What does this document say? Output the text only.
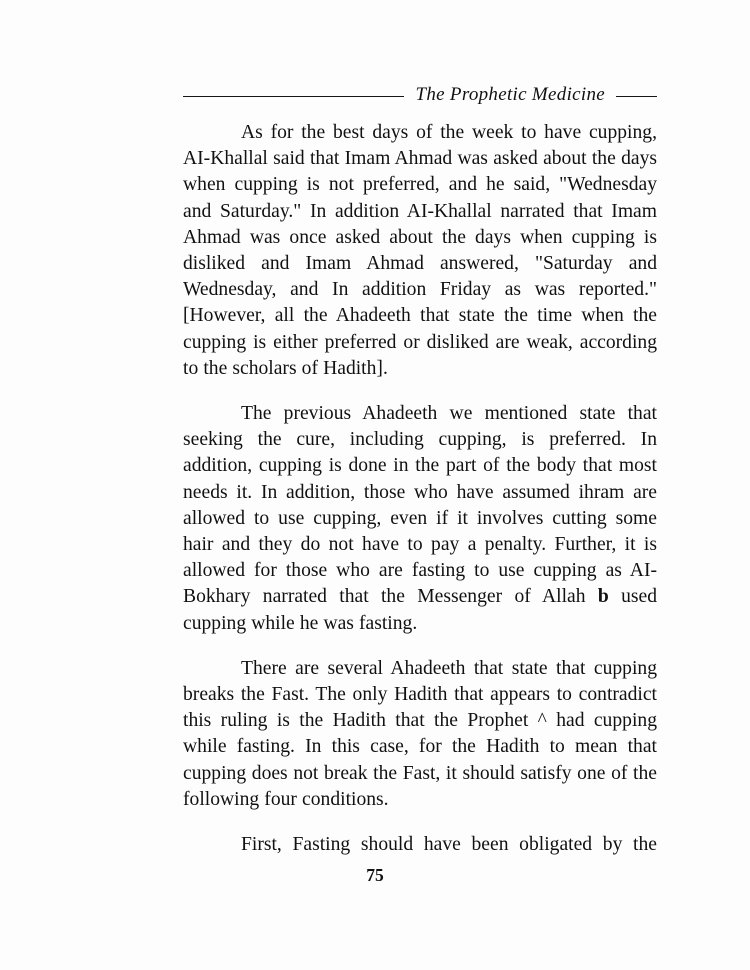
The Prophetic Medicine

As for the best days of the week to have cupping, AI-Khallal said that Imam Ahmad was asked about the days when cupping is not preferred, and he said, "Wednesday and Saturday." In addition AI-Khallal narrated that Imam Ahmad was once asked about the days when cupping is disliked and Imam Ahmad answered, "Saturday and Wednesday, and In addition Friday as was reported." [However, all the Ahadeeth that state the time when the cupping is either preferred or disliked are weak, according to the scholars of Hadith].

The previous Ahadeeth we mentioned state that seeking the cure, including cupping, is preferred. In addition, cupping is done in the part of the body that most needs it. In addition, those who have assumed ihram are allowed to use cupping, even if it involves cutting some hair and they do not have to pay a penalty. Further, it is allowed for those who are fasting to use cupping as AI-Bokhary narrated that the Messenger of Allah b used cupping while he was fasting.

There are several Ahadeeth that state that cupping breaks the Fast. The only Hadith that appears to contradict this ruling is the Hadith that the Prophet ^ had cupping while fasting. In this case, for the Hadith to mean that cupping does not break the Fast, it should satisfy one of the following four conditions.

First, Fasting should have been obligated by the

75
